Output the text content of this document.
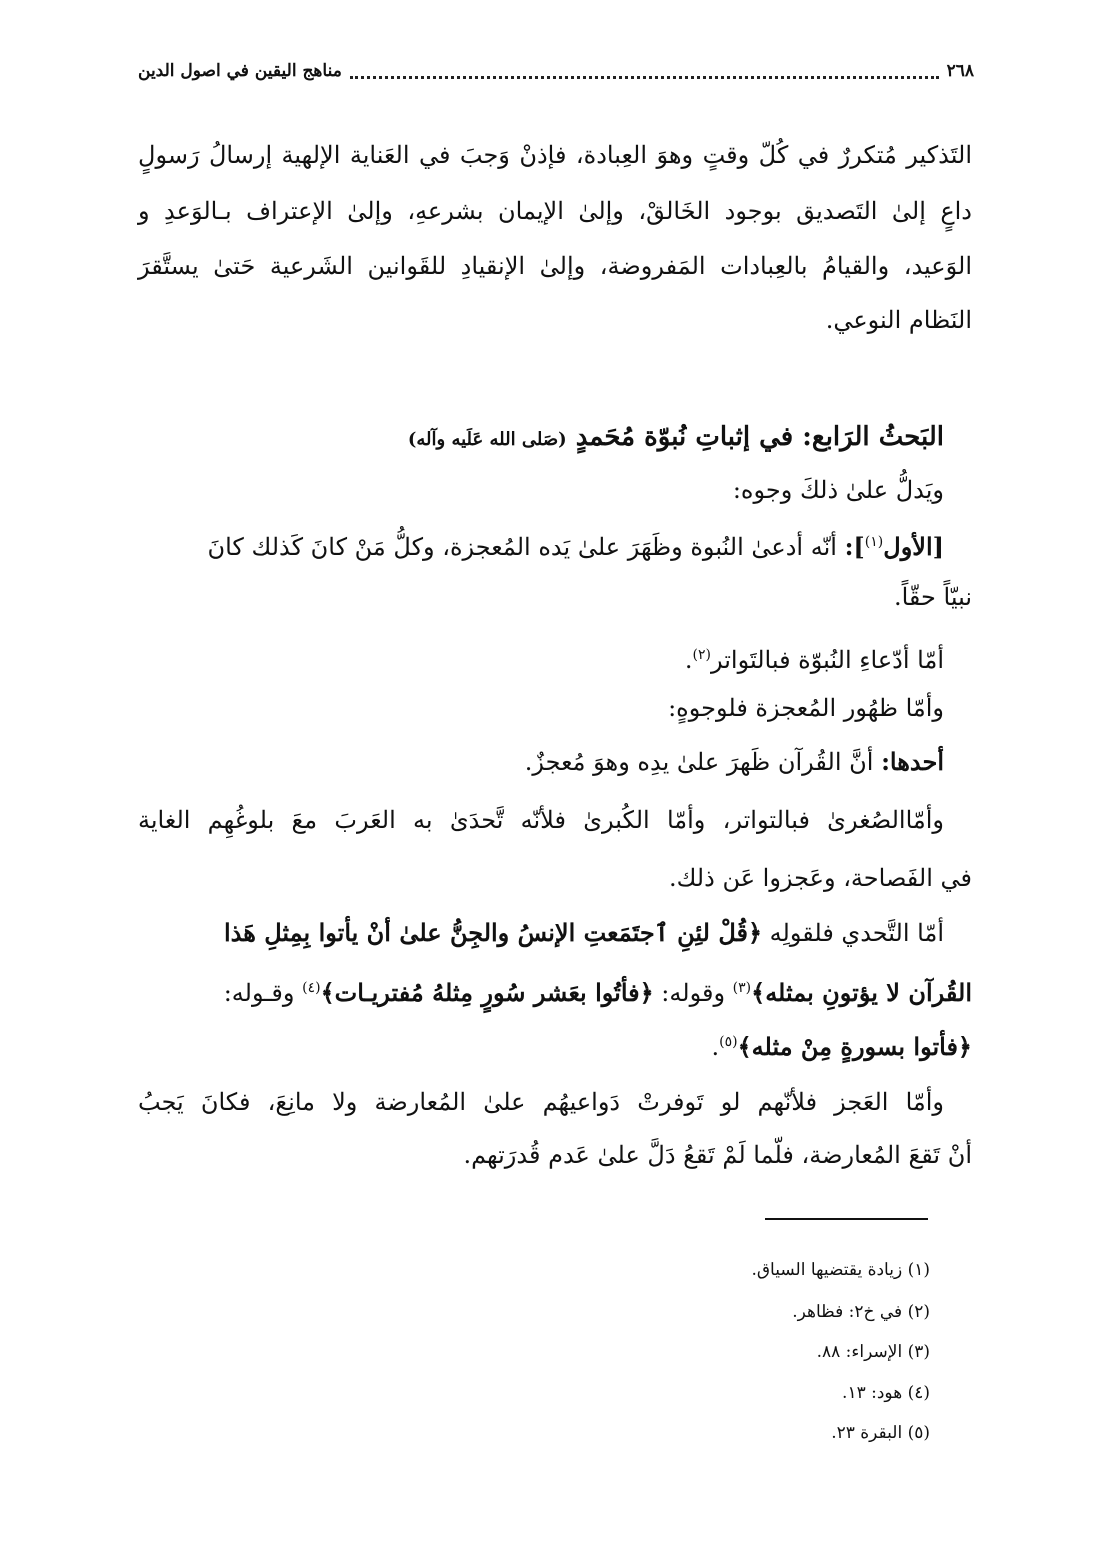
٢٦٨
مناهج اليقين في اصول الدين
التَذكير مُتكررٌ في كُلّ وقتٍ وهوَ العِبادة، فإذنْ وَجبَ في العَناية الإلهية إرسالُ رَسولٍ
داعٍ إلىٰ التَصديق بوجود الخَالقْ، وإلىٰ الإيمان بشرعهِ، وإلىٰ الإعتراف بـالوَعدِ و
الوَعيد، والقيامُ بالعِبادات المَفروضة، وإلىٰ الإنقيادِ للقَوانين الشَرعية حَتىٰ يستَّقرَ
النَظام النوعي.
البَحثُ الرَابع: في إثباتِ نُبوّة مُحَمدٍ (صَلى الله عَلَيه وآله)
ويَدلُّ علىٰ ذلكَ وجوه:
[الأول$^{(١)}$]: أنّه أدعىٰ النُبوة وظَهَرَ علىٰ يَده المُعجزة، وكلُّ مَنْ كانَ كَذلك كانَ
نبيّاً حقّاً.
أمّا أدّعاءِ النُبوّة فبالتَواتر$^{(٢)}$.
وأمّا ظهُور المُعجزة فلوجوهٍ:
أحدها: أنَّ القُرآن ظَهرَ علىٰ يدِه وهوَ مُعجزٌ.
وأمّاالصُغرىٰ فبالتواتر، وأمّا الكُبرىٰ فلأنّه تَّحدَىٰ به العَربَ معَ بلوغُهِم الغاية
في الفَصاحة، وعَجزوا عَن ذلك.
أمّا التَّحدي فلقولِه ﴿قُلْ لئِنِ ٱجتَمَعتِ الإنسُ والجِنُّ علىٰ أنْ يأتوا بِمِثلِ هَذا
القُرآن لا يؤتونِ بمثله﴾$^{(٣)}$ وقوله: ﴿فأتُوا بعَشر سُورٍ مِثلهُ مُفتريـات﴾$^{(٤)}$ وقـوله:
﴿فأتوا بسورةٍ مِنْ مثله﴾$^{(٥)}$.
وأمّا العَجز فلأنّهم لو تَوفرتْ دَواعيهُم علىٰ المُعارضة ولا مانِعَ، فكانَ يَجبُ
أنْ تَقعَ المُعارضة، فلّما لَمْ تَقعُ دَلَّ علىٰ عَدم قُدرَتهم.
(١) زيادة يقتضيها السياق.
(٢) في خ٢: فظاهر.
(٣) الإسراء: ٨٨.
(٤) هود: ١٣.
(٥) البقرة ٢٣.
